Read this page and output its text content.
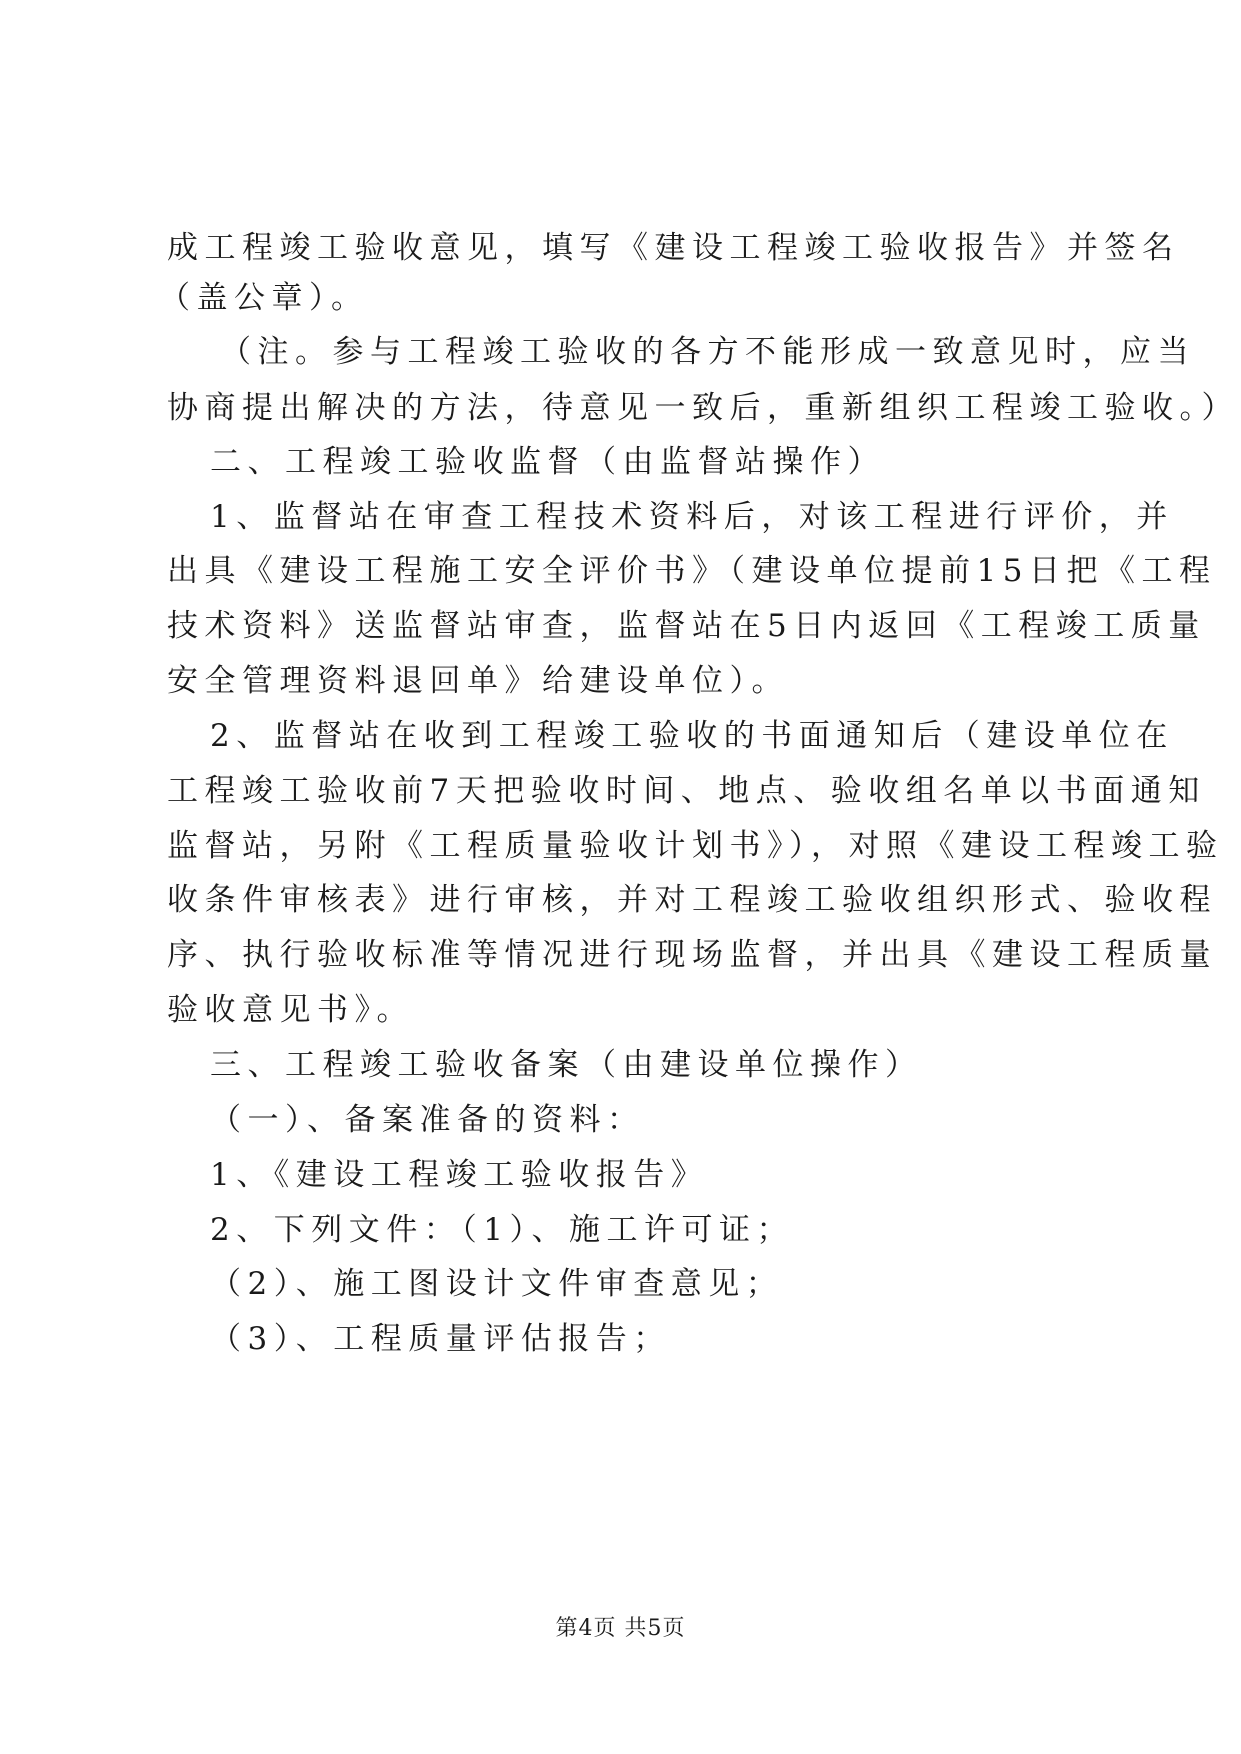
成工程竣工验收意见，填写《建设工程竣工验收报告》并签名
（盖公章）。
（注。参与工程竣工验收的各方不能形成一致意见时，应当
协商提出解决的方法，待意见一致后，重新组织工程竣工验收。）
二、工程竣工验收监督（由监督站操作）
1、监督站在审查工程技术资料后，对该工程进行评价，并
出具《建设工程施工安全评价书》（建设单位提前15日把《工程
技术资料》送监督站审查，监督站在5日内返回《工程竣工质量
安全管理资料退回单》给建设单位）。
2、监督站在收到工程竣工验收的书面通知后（建设单位在
工程竣工验收前7天把验收时间、地点、验收组名单以书面通知
监督站，另附《工程质量验收计划书》），对照《建设工程竣工验
收条件审核表》进行审核，并对工程竣工验收组织形式、验收程
序、执行验收标准等情况进行现场监督，并出具《建设工程质量
验收意见书》。
三、工程竣工验收备案（由建设单位操作）
（一）、备案准备的资料：
1、《建设工程竣工验收报告》
2、下列文件：（1）、施工许可证；
（2）、施工图设计文件审查意见；
（3）、工程质量评估报告；
第4页 共5页
